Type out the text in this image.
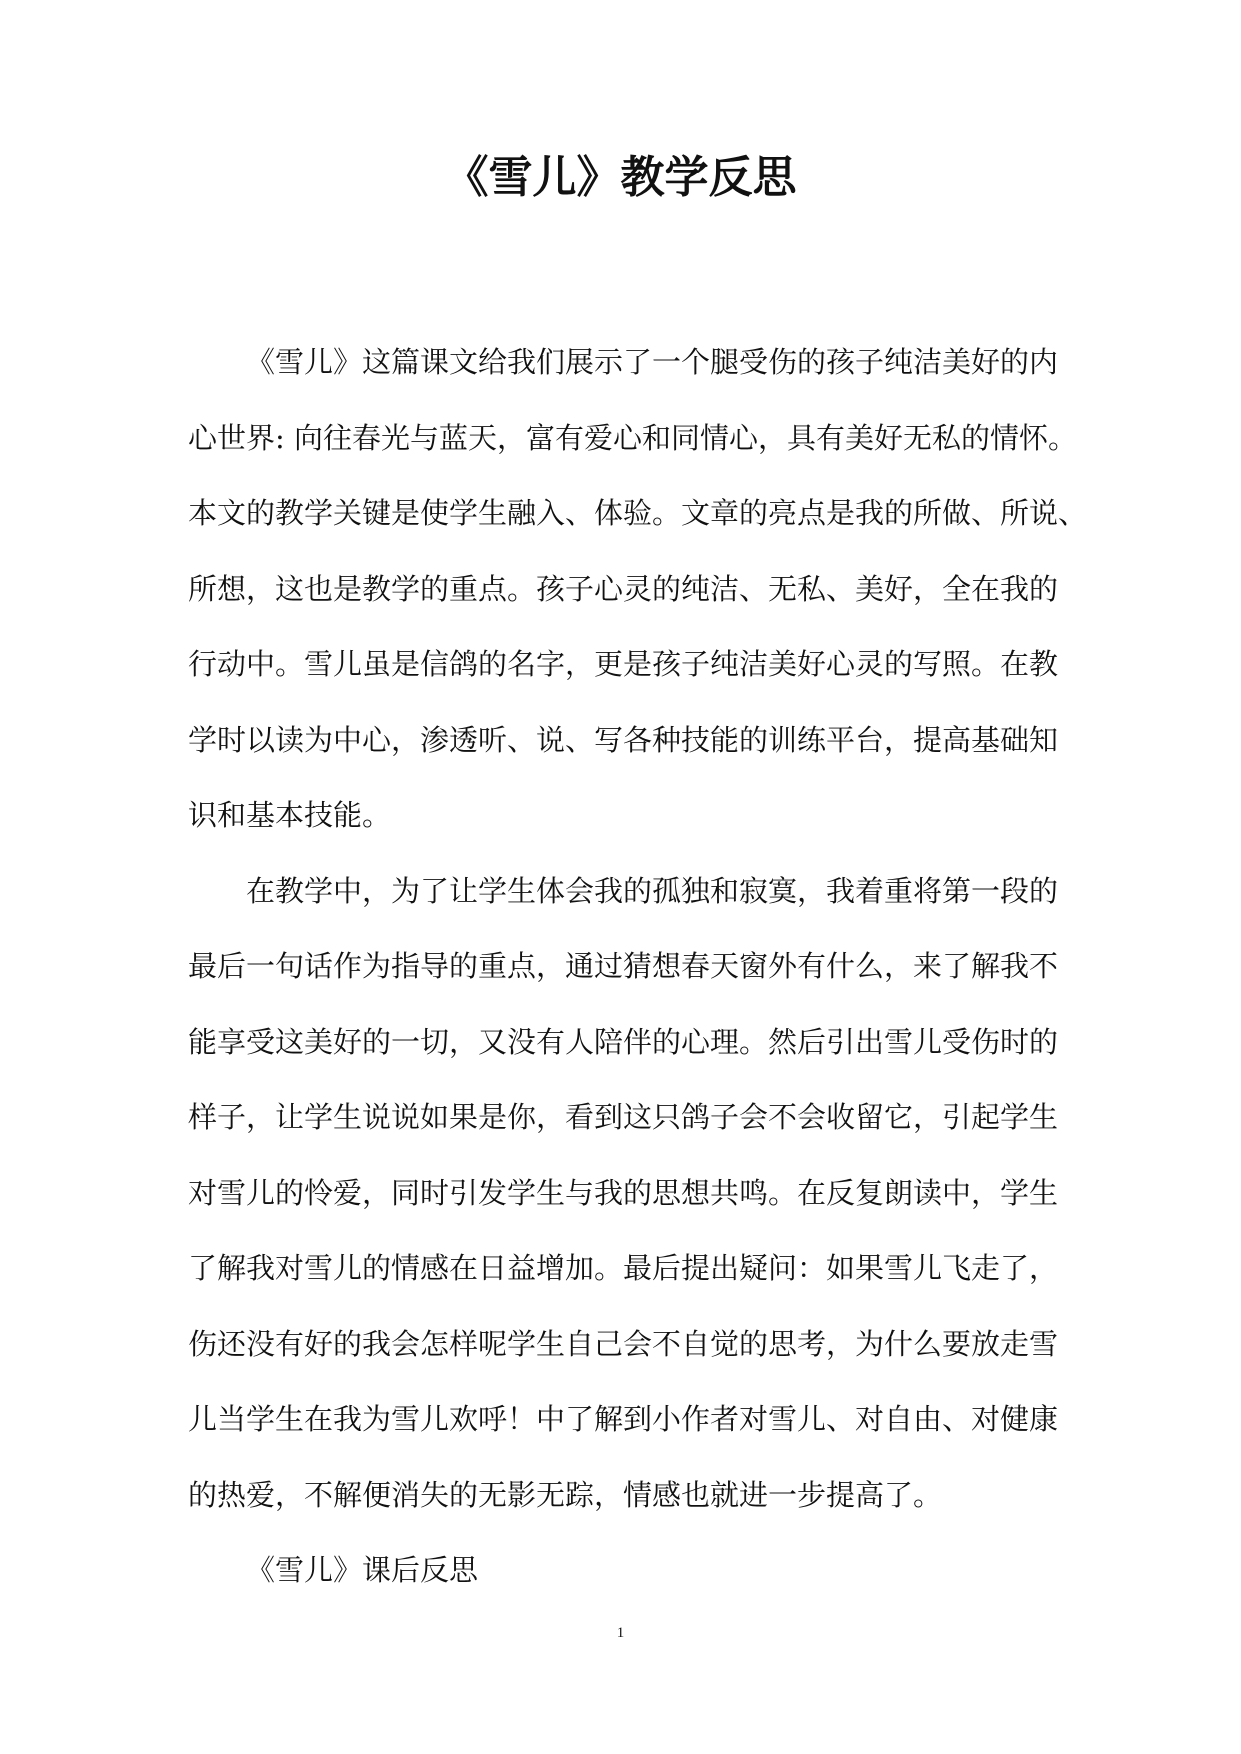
《雪儿》教学反思
《雪儿》这篇课文给我们展示了一个腿受伤的孩子纯洁美好的内
心世界: 向往春光与蓝天，富有爱心和同情心，具有美好无私的情怀。
本文的教学关键是使学生融入、体验。文章的亮点是我的所做、所说、
所想，这也是教学的重点。孩子心灵的纯洁、无私、美好，全在我的
行动中。雪儿虽是信鸽的名字，更是孩子纯洁美好心灵的写照。在教
学时以读为中心，渗透听、说、写各种技能的训练平台，提高基础知
识和基本技能。
在教学中，为了让学生体会我的孤独和寂寞，我着重将第一段的
最后一句话作为指导的重点，通过猜想春天窗外有什么，来了解我不
能享受这美好的一切，又没有人陪伴的心理。然后引出雪儿受伤时的
样子，让学生说说如果是你，看到这只鸽子会不会收留它，引起学生
对雪儿的怜爱，同时引发学生与我的思想共鸣。在反复朗读中，学生
了解我对雪儿的情感在日益增加。最后提出疑问：如果雪儿飞走了，
伤还没有好的我会怎样呢学生自己会不自觉的思考，为什么要放走雪
儿当学生在我为雪儿欢呼！中了解到小作者对雪儿、对自由、对健康
的热爱，不解便消失的无影无踪，情感也就进一步提高了。
《雪儿》课后反思
1
